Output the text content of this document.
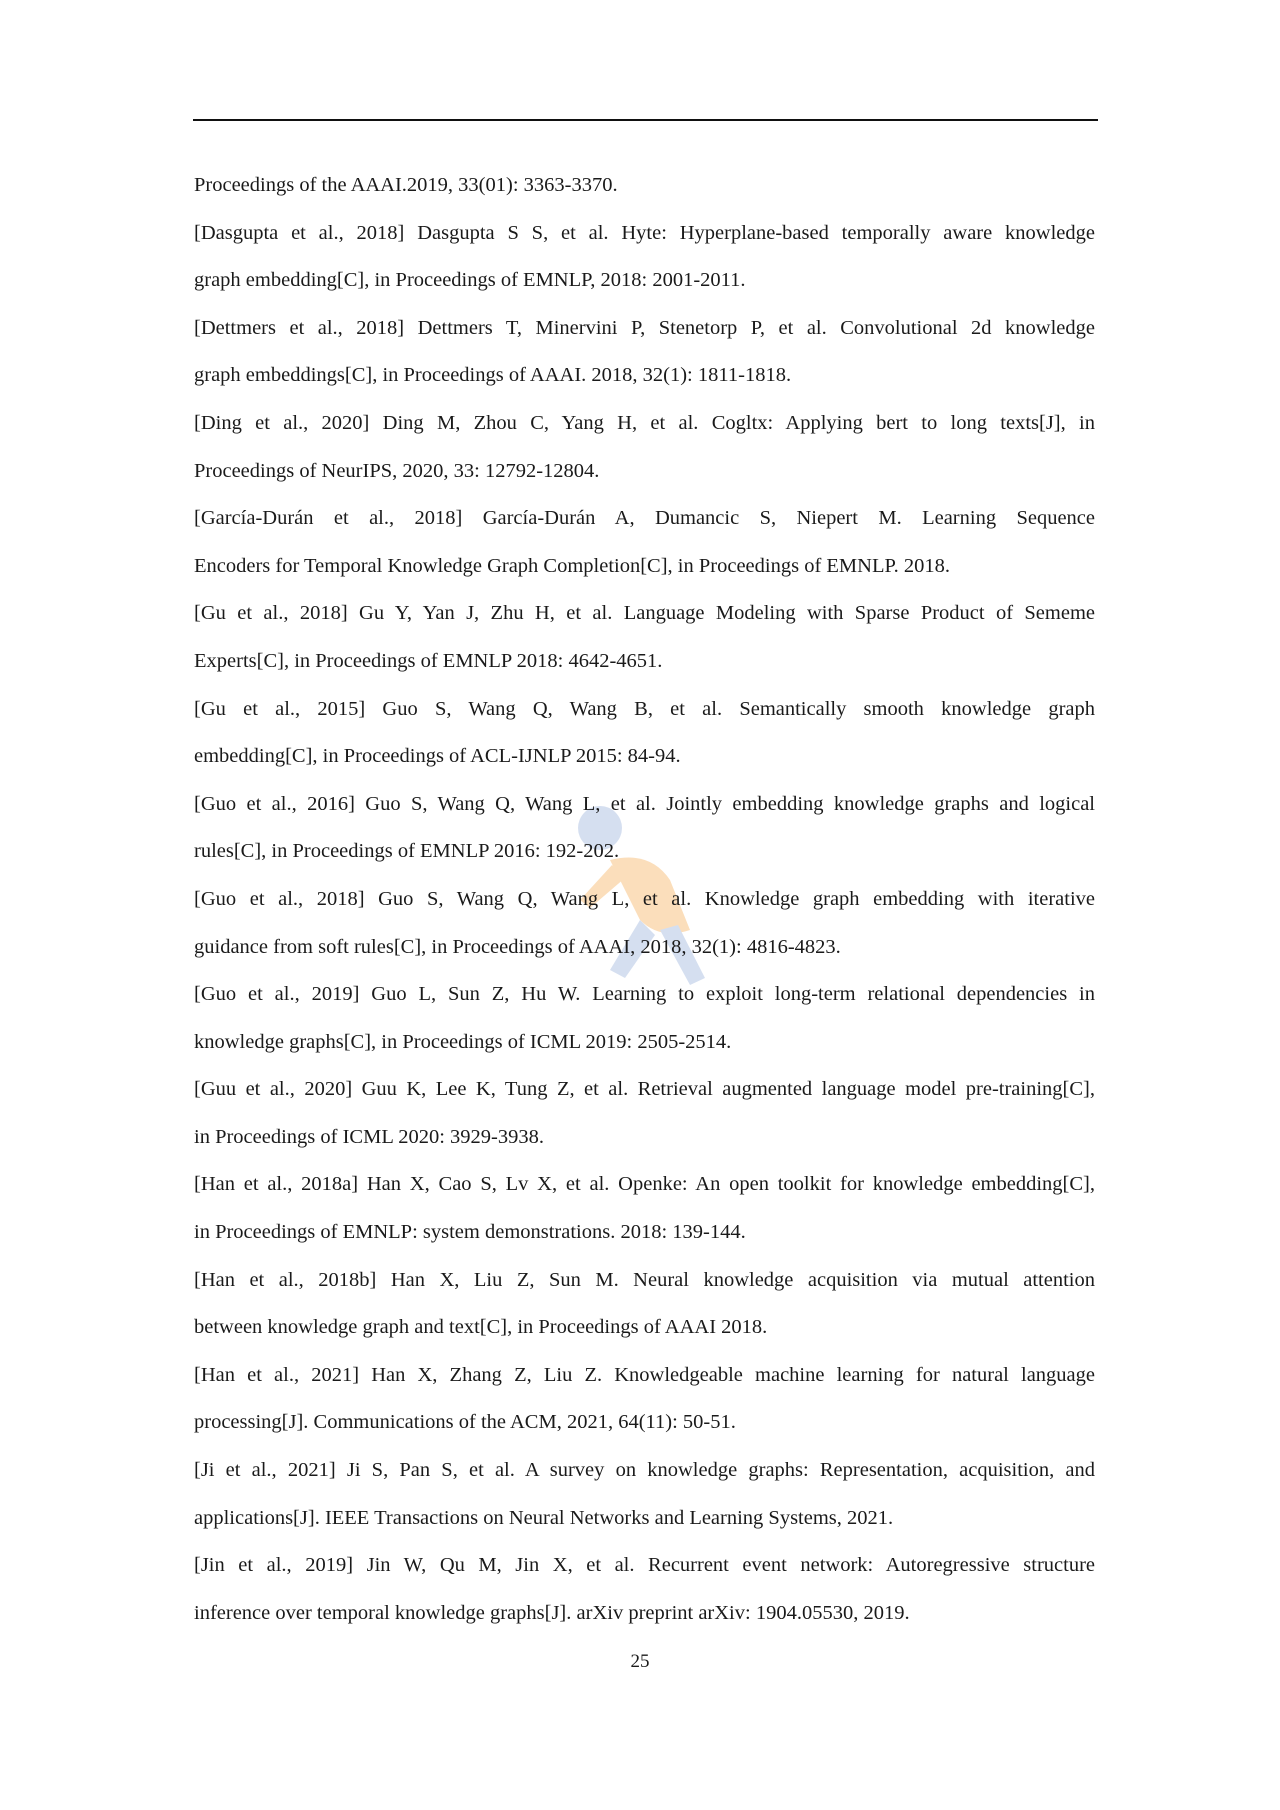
Proceedings of the AAAI.2019, 33(01): 3363-3370.
[Dasgupta et al., 2018] Dasgupta S S, et al. Hyte: Hyperplane-based temporally aware knowledge
graph embedding[C], in Proceedings of EMNLP, 2018: 2001-2011.
[Dettmers et al., 2018] Dettmers T, Minervini P, Stenetorp P, et al. Convolutional 2d knowledge
graph embeddings[C], in Proceedings of AAAI. 2018, 32(1): 1811-1818.
[Ding et al., 2020] Ding M, Zhou C, Yang H, et al. Cogltx: Applying bert to long texts[J], in
Proceedings of NeurIPS, 2020, 33: 12792-12804.
[García-Durán et al., 2018] García-Durán A, Dumancic S, Niepert M. Learning Sequence
Encoders for Temporal Knowledge Graph Completion[C], in Proceedings of EMNLP. 2018.
[Gu et al., 2018] Gu Y, Yan J, Zhu H, et al. Language Modeling with Sparse Product of Sememe
Experts[C], in Proceedings of EMNLP 2018: 4642-4651.
[Gu et al., 2015] Guo S, Wang Q, Wang B, et al. Semantically smooth knowledge graph
embedding[C], in Proceedings of ACL-IJNLP 2015: 84-94.
[Guo et al., 2016] Guo S, Wang Q, Wang L, et al. Jointly embedding knowledge graphs and logical
rules[C], in Proceedings of EMNLP 2016: 192-202.
[Guo et al., 2018] Guo S, Wang Q, Wang L, et al. Knowledge graph embedding with iterative
guidance from soft rules[C], in Proceedings of AAAI, 2018, 32(1): 4816-4823.
[Guo et al., 2019] Guo L, Sun Z, Hu W. Learning to exploit long-term relational dependencies in
knowledge graphs[C], in Proceedings of ICML 2019: 2505-2514.
[Guu et al., 2020] Guu K, Lee K, Tung Z, et al. Retrieval augmented language model pre-training[C],
in Proceedings of ICML 2020: 3929-3938.
[Han et al., 2018a] Han X, Cao S, Lv X, et al. Openke: An open toolkit for knowledge embedding[C],
in Proceedings of EMNLP: system demonstrations. 2018: 139-144.
[Han et al., 2018b] Han X, Liu Z, Sun M. Neural knowledge acquisition via mutual attention
between knowledge graph and text[C], in Proceedings of AAAI 2018.
[Han et al., 2021] Han X, Zhang Z, Liu Z. Knowledgeable machine learning for natural language
processing[J]. Communications of the ACM, 2021, 64(11): 50-51.
[Ji et al., 2021] Ji S, Pan S, et al. A survey on knowledge graphs: Representation, acquisition, and
applications[J]. IEEE Transactions on Neural Networks and Learning Systems, 2021.
[Jin et al., 2019] Jin W, Qu M, Jin X, et al. Recurrent event network: Autoregressive structure
inference over temporal knowledge graphs[J]. arXiv preprint arXiv: 1904.05530, 2019.
25
